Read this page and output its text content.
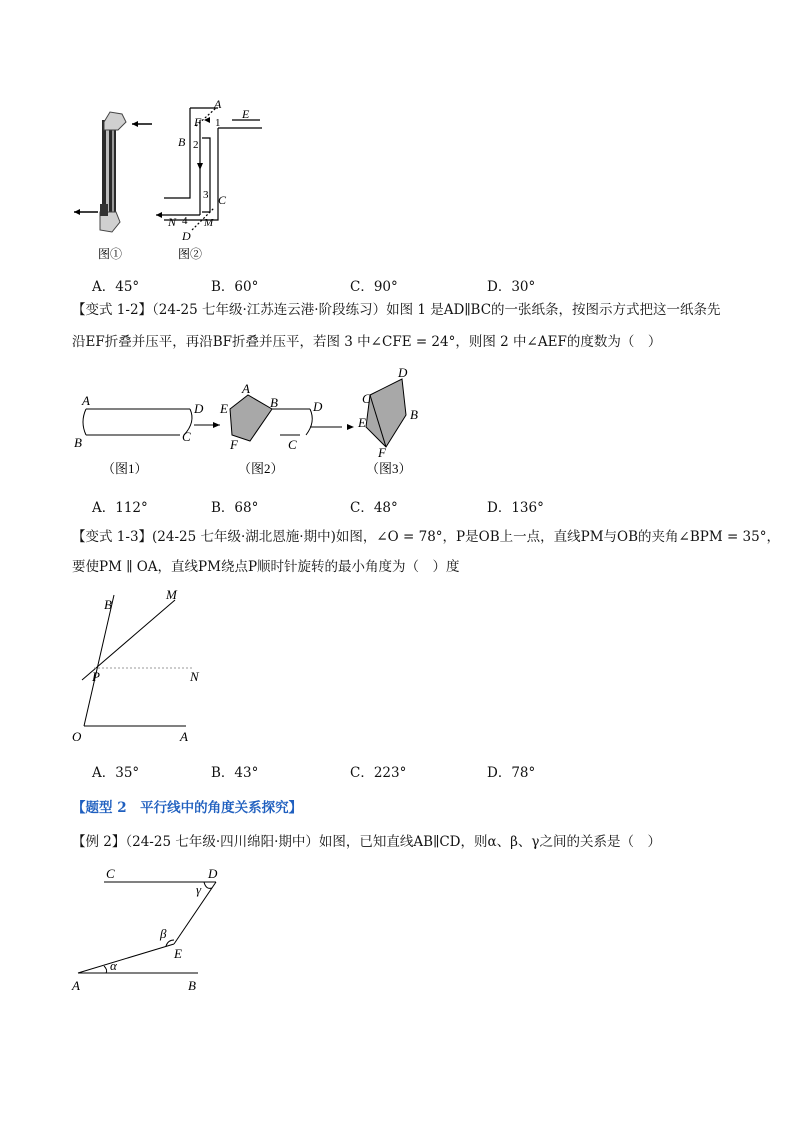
A
E
F 1
B 2
3 C
N 4 M
D
图①	图②
A．45°	B．60°	C．90°	D．30°
【变式 1-2】（24-25 七年级·江苏连云港·阶段练习）如图 1 是AD∥BC的一张纸条，按图示方式把这一纸条先
沿EF折叠并压平，再沿BF折叠并压平，若图 3 中∠CFE = 24°，则图 2 中∠AEF的度数为（　）
A
D
B	C
A
E	B	D
F	C
D
C
B
E
F
（图1）	（图2）	（图3）
A．112°	B．68°	C．48°	D．136°
【变式 1-3】(24-25 七年级·湖北恩施·期中)如图，∠O = 78°，P是OB上一点，直线PM与OB的夹角∠BPM = 35°，
要使PM ∥ OA，直线PM绕点P顺时针旋转的最小角度为（　）度
B
M
P	N
O	A
A．35°	B．43°	C．223°	D．78°
【题型 2　平行线中的角度关系探究】
【例 2】（24-25 七年级·四川绵阳·期中）如图，已知直线AB∥CD，则α、β、γ之间的关系是（　）
C	D
γ
β
E
α
A	B
